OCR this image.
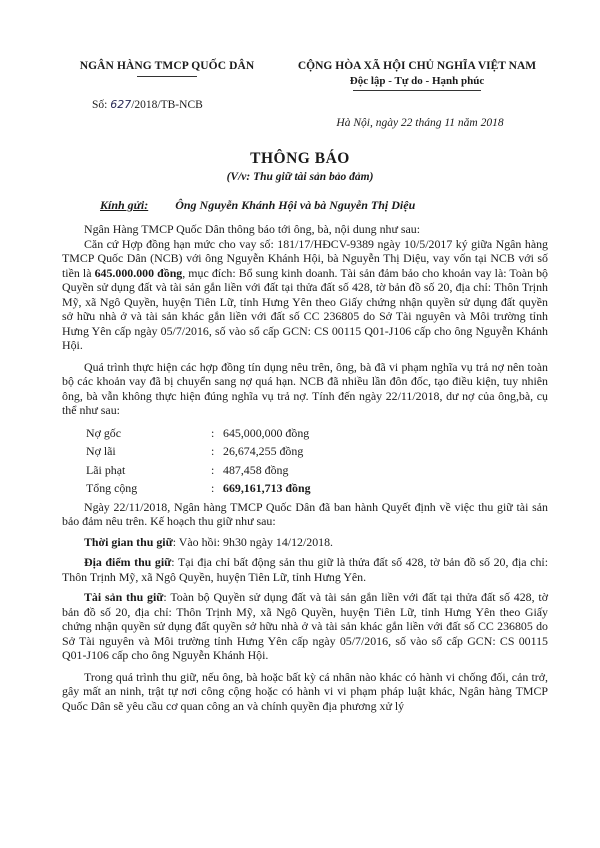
NGÂN HÀNG TMCP QUỐC DÂN	CỘNG HÒA XÃ HỘI CHỦ NGHĨA VIỆT NAM
Độc lập - Tự do - Hạnh phúc
Số: 627/2018/TB-NCB
Hà Nội, ngày 22 tháng 11 năm 2018
THÔNG BÁO
(V/v: Thu giữ tài sản bảo đảm)
Kính gửi: Ông Nguyễn Khánh Hội và bà Nguyễn Thị Diệu

Ngân Hàng TMCP Quốc Dân thông báo tới ông, bà, nội dung như sau:

Căn cứ Hợp đồng hạn mức cho vay số: 181/17/HĐCV-9389 ngày 10/5/2017 ký giữa Ngân hàng TMCP Quốc Dân (NCB) với ông Nguyễn Khánh Hội, bà Nguyễn Thị Diệu, vay vốn tại NCB với số tiền là 645.000.000 đồng, mục đích: Bổ sung kinh doanh. Tài sản đảm bảo cho khoản vay là: Toàn bộ Quyền sử dụng đất và tài sản gắn liền với đất tại thửa đất số 428, tờ bản đồ số 20, địa chỉ: Thôn Trịnh Mỹ, xã Ngô Quyền, huyện Tiên Lữ, tỉnh Hưng Yên theo Giấy chứng nhận quyền sử dụng đất quyền sở hữu nhà ở và tài sản khác gắn liền với đất số CC 236805 do Sở Tài nguyên và Môi trường tỉnh Hưng Yên cấp ngày 05/7/2016, số vào sổ cấp GCN: CS 00115 Q01-J106 cấp cho ông Nguyễn Khánh Hội.

Quá trình thực hiện các hợp đồng tín dụng nêu trên, ông, bà đã vi phạm nghĩa vụ trả nợ nên toàn bộ các khoản vay đã bị chuyển sang nợ quá hạn. NCB đã nhiều lần đôn đốc, tạo điều kiện, tuy nhiên ông, bà vẫn không thực hiện đúng nghĩa vụ trả nợ. Tính đến ngày 22/11/2018, dư nợ của ông,bà, cụ thể như sau:

Nợ gốc	: 645,000,000 đồng
Nợ lãi	: 26,674,255 đồng
Lãi phạt	: 487,458 đồng
Tổng cộng	: 669,161,713 đồng

Ngày 22/11/2018, Ngân hàng TMCP Quốc Dân đã ban hành Quyết định về việc thu giữ tài sản bảo đảm nêu trên. Kế hoạch thu giữ như sau:

Thời gian thu giữ: Vào hồi: 9h30 ngày 14/12/2018.

Địa điểm thu giữ: Tại địa chỉ bất động sản thu giữ là thửa đất số 428, tờ bản đồ số 20, địa chỉ: Thôn Trịnh Mỹ, xã Ngô Quyền, huyện Tiên Lữ, tỉnh Hưng Yên.

Tài sản thu giữ: Toàn bộ Quyền sử dụng đất và tài sản gắn liền với đất tại thửa đất số 428, tờ bản đồ số 20, địa chỉ: Thôn Trịnh Mỹ, xã Ngô Quyền, huyện Tiên Lữ, tỉnh Hưng Yên theo Giấy chứng nhận quyền sử dụng đất quyền sở hữu nhà ở và tài sản khác gắn liền với đất số CC 236805 do Sở Tài nguyên và Môi trường tỉnh Hưng Yên cấp ngày 05/7/2016, số vào sổ cấp GCN: CS 00115 Q01-J106 cấp cho ông Nguyễn Khánh Hội.

Trong quá trình thu giữ, nếu ông, bà hoặc bất kỳ cá nhân nào khác có hành vi chống đối, cản trở, gây mất an ninh, trật tự nơi công cộng hoặc có hành vi vi phạm pháp luật khác, Ngân hàng TMCP Quốc Dân sẽ yêu cầu cơ quan công an và chính quyền địa phương xử lý
